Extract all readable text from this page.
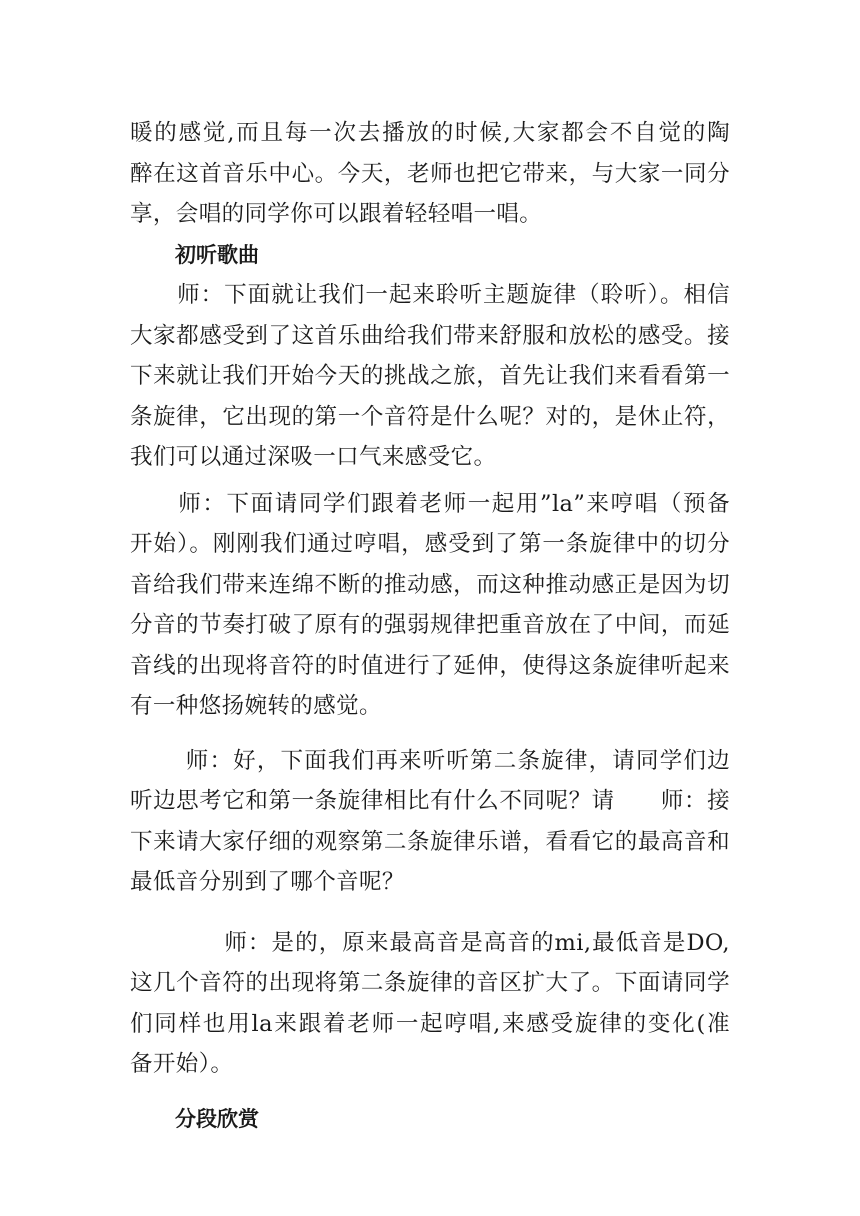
暖的感觉,而且每一次去播放的时候,大家都会不自觉的陶
醉在这首音乐中心。今天，老师也把它带来，与大家一同分
享，会唱的同学你可以跟着轻轻唱一唱。
初听歌曲
　　师：下面就让我们一起来聆听主题旋律（聆听）。相信
大家都感受到了这首乐曲给我们带来舒服和放松的感受。接
下来就让我们开始今天的挑战之旅，首先让我们来看看第一
条旋律，它出现的第一个音符是什么呢？对的，是休止符，
我们可以通过深吸一口气来感受它。
　　师：下面请同学们跟着老师一起用”la”来哼唱（预备
开始）。刚刚我们通过哼唱，感受到了第一条旋律中的切分
音给我们带来连绵不断的推动感，而这种推动感正是因为切
分音的节奏打破了原有的强弱规律把重音放在了中间，而延
音线的出现将音符的时值进行了延伸，使得这条旋律听起来
有一种悠扬婉转的感觉。
　　 师：好，下面我们再来听听第二条旋律，请同学们边
听边思考它和第一条旋律相比有什么不同呢？请　　师：接
下来请大家仔细的观察第二条旋律乐谱，看看它的最高音和
最低音分别到了哪个音呢？
　　　　师：是的，原来最高音是高音的mi,最低音是DO,
这几个音符的出现将第二条旋律的音区扩大了。下面请同学
们同样也用la来跟着老师一起哼唱,来感受旋律的变化(准
备开始）。
分段欣赏
